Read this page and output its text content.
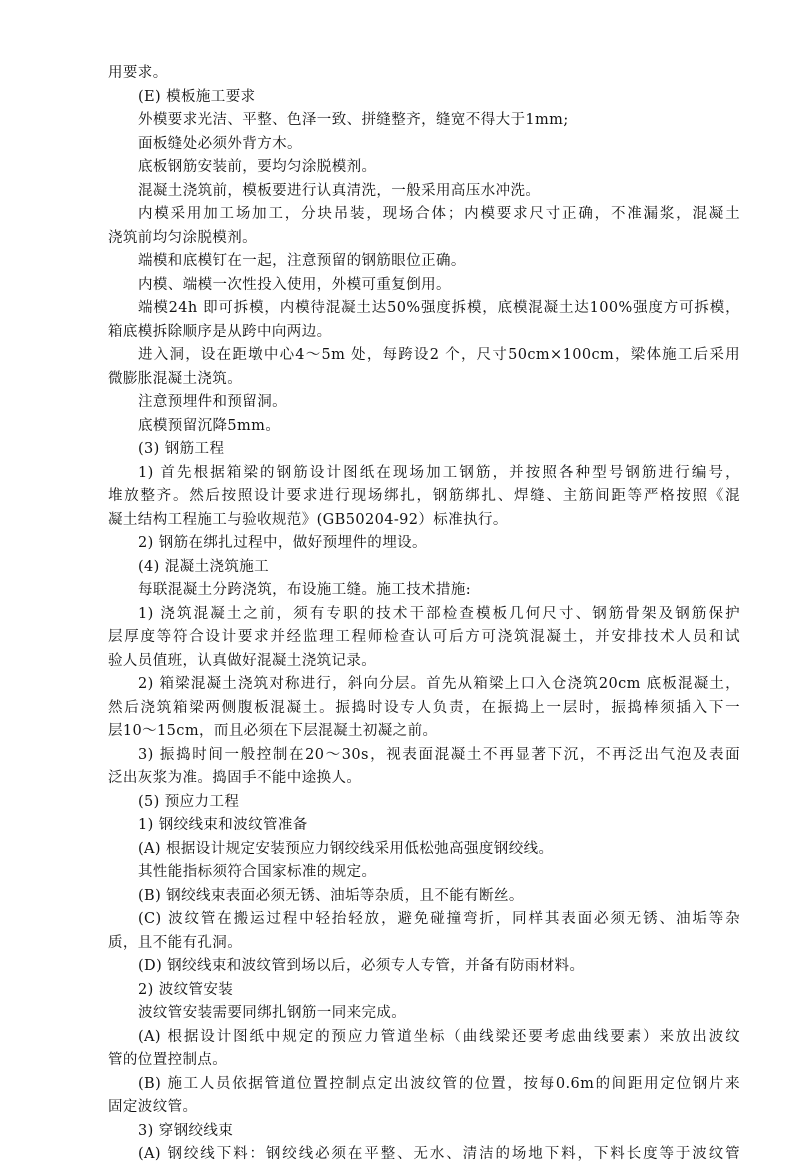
用要求。
(E) 模板施工要求
外模要求光洁、平整、色泽一致、拼缝整齐，缝宽不得大于1mm;
面板缝处必须外背方木。
底板钢筋安装前，要均匀涂脱模剂。
混凝土浇筑前，模板要进行认真清洗，一般采用高压水冲洗。
内模采用加工场加工，分块吊装，现场合体；内模要求尺寸正确，不准漏浆，混凝土
浇筑前均匀涂脱模剂。
端模和底模钉在一起，注意预留的钢筋眼位正确。
内模、端模一次性投入使用，外模可重复倒用。
端模24h 即可拆模，内模待混凝土达50%强度拆模，底模混凝土达100%强度方可拆模，
箱底模拆除顺序是从跨中向两边。
进入洞，设在距墩中心4～5m 处，每跨设2 个，尺寸50cm×100cm，梁体施工后采用
微膨胀混凝土浇筑。
注意预埋件和预留洞。
底模预留沉降5mm。
(3) 钢筋工程
1) 首先根据箱梁的钢筋设计图纸在现场加工钢筋，并按照各种型号钢筋进行编号，
堆放整齐。然后按照设计要求进行现场绑扎，钢筋绑扎、焊缝、主筋间距等严格按照《混
凝土结构工程施工与验收规范》(GB50204-92）标准执行。
2) 钢筋在绑扎过程中，做好预埋件的埋设。
(4) 混凝土浇筑施工
每联混凝土分跨浇筑，布设施工缝。施工技术措施:
1) 浇筑混凝土之前，须有专职的技术干部检查模板几何尺寸、钢筋骨架及钢筋保护
层厚度等符合设计要求并经监理工程师检查认可后方可浇筑混凝土，并安排技术人员和试
验人员值班，认真做好混凝土浇筑记录。
2) 箱梁混凝土浇筑对称进行，斜向分层。首先从箱梁上口入仓浇筑20cm 底板混凝土，
然后浇筑箱梁两侧腹板混凝土。振捣时设专人负责，在振捣上一层时，振捣棒须插入下一
层10～15cm，而且必须在下层混凝土初凝之前。
3) 振捣时间一般控制在20～30s，视表面混凝土不再显著下沉，不再泛出气泡及表面
泛出灰浆为准。捣固手不能中途换人。
(5) 预应力工程
1) 钢绞线束和波纹管准备
(A) 根据设计规定安装预应力钢绞线采用低松弛高强度钢绞线。
其性能指标须符合国家标准的规定。
(B) 钢绞线束表面必须无锈、油垢等杂质，且不能有断丝。
(C) 波纹管在搬运过程中轻抬轻放，避免碰撞弯折，同样其表面必须无锈、油垢等杂
质，且不能有孔洞。
(D) 钢绞线束和波纹管到场以后，必须专人专管，并备有防雨材料。
2) 波纹管安装
波纹管安装需要同绑扎钢筋一同来完成。
(A) 根据设计图纸中规定的预应力管道坐标（曲线梁还要考虑曲线要素）来放出波纹
管的位置控制点。
(B) 施工人员依据管道位置控制点定出波纹管的位置，按每0.6m的间距用定位钢片来
固定波纹管。
3) 穿钢绞线束
(A) 钢绞线下料：钢绞线必须在平整、无水、清洁的场地下料，下料长度等于波纹管
